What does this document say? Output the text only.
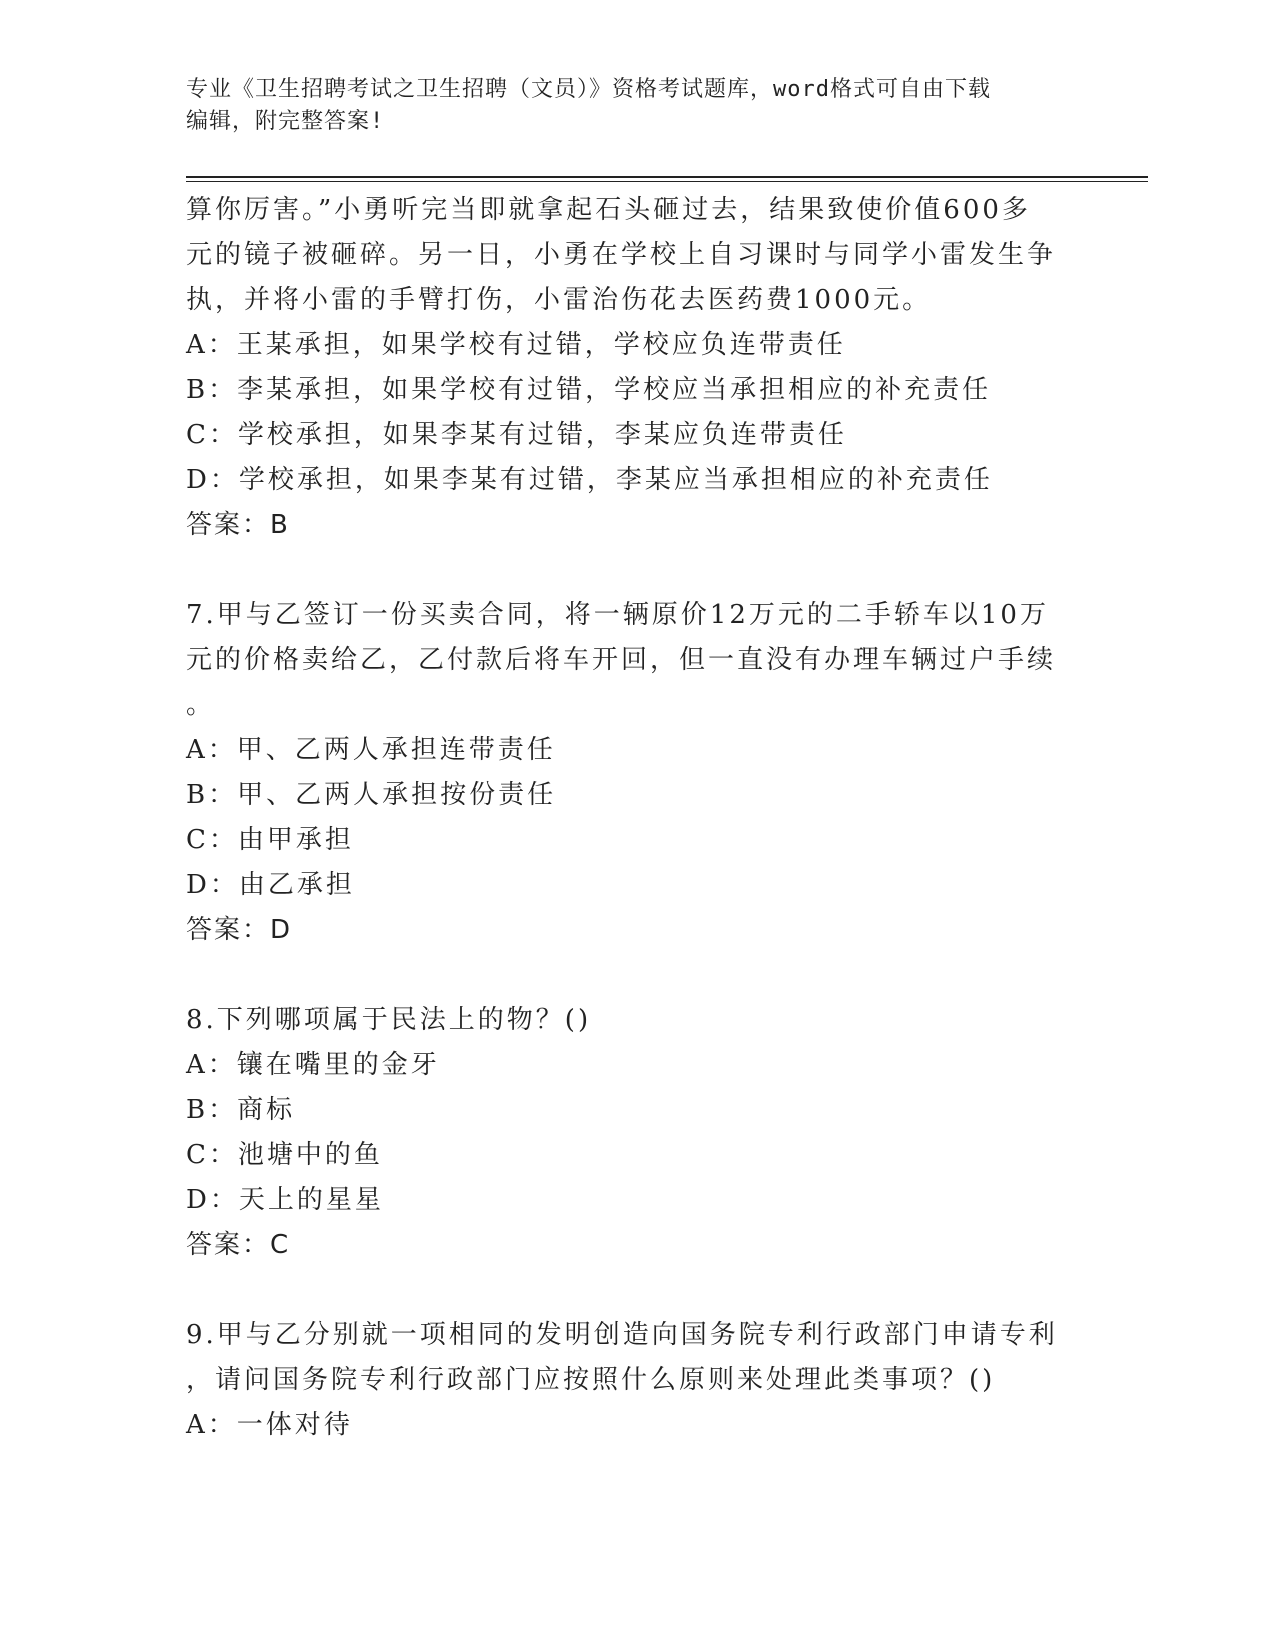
专业《卫生招聘考试之卫生招聘（文员）》资格考试题库，word格式可自由下载
编辑，附完整答案!
算你厉害。”小勇听完当即就拿起石头砸过去，结果致使价值600多
元的镜子被砸碎。另一日，小勇在学校上自习课时与同学小雷发生争
执，并将小雷的手臂打伤，小雷治伤花去医药费1000元。
A：王某承担，如果学校有过错，学校应负连带责任
B：李某承担，如果学校有过错，学校应当承担相应的补充责任
C：学校承担，如果李某有过错，李某应负连带责任
D：学校承担，如果李某有过错，李某应当承担相应的补充责任
答案：B
7.甲与乙签订一份买卖合同，将一辆原价12万元的二手轿车以10万
元的价格卖给乙，乙付款后将车开回，但一直没有办理车辆过户手续
。
A：甲、乙两人承担连带责任
B：甲、乙两人承担按份责任
C：由甲承担
D：由乙承担
答案：D
8.下列哪项属于民法上的物？()
A：镶在嘴里的金牙
B：商标
C：池塘中的鱼
D：天上的星星
答案：C
9.甲与乙分别就一项相同的发明创造向国务院专利行政部门申请专利
，请问国务院专利行政部门应按照什么原则来处理此类事项？()
A：一体对待
